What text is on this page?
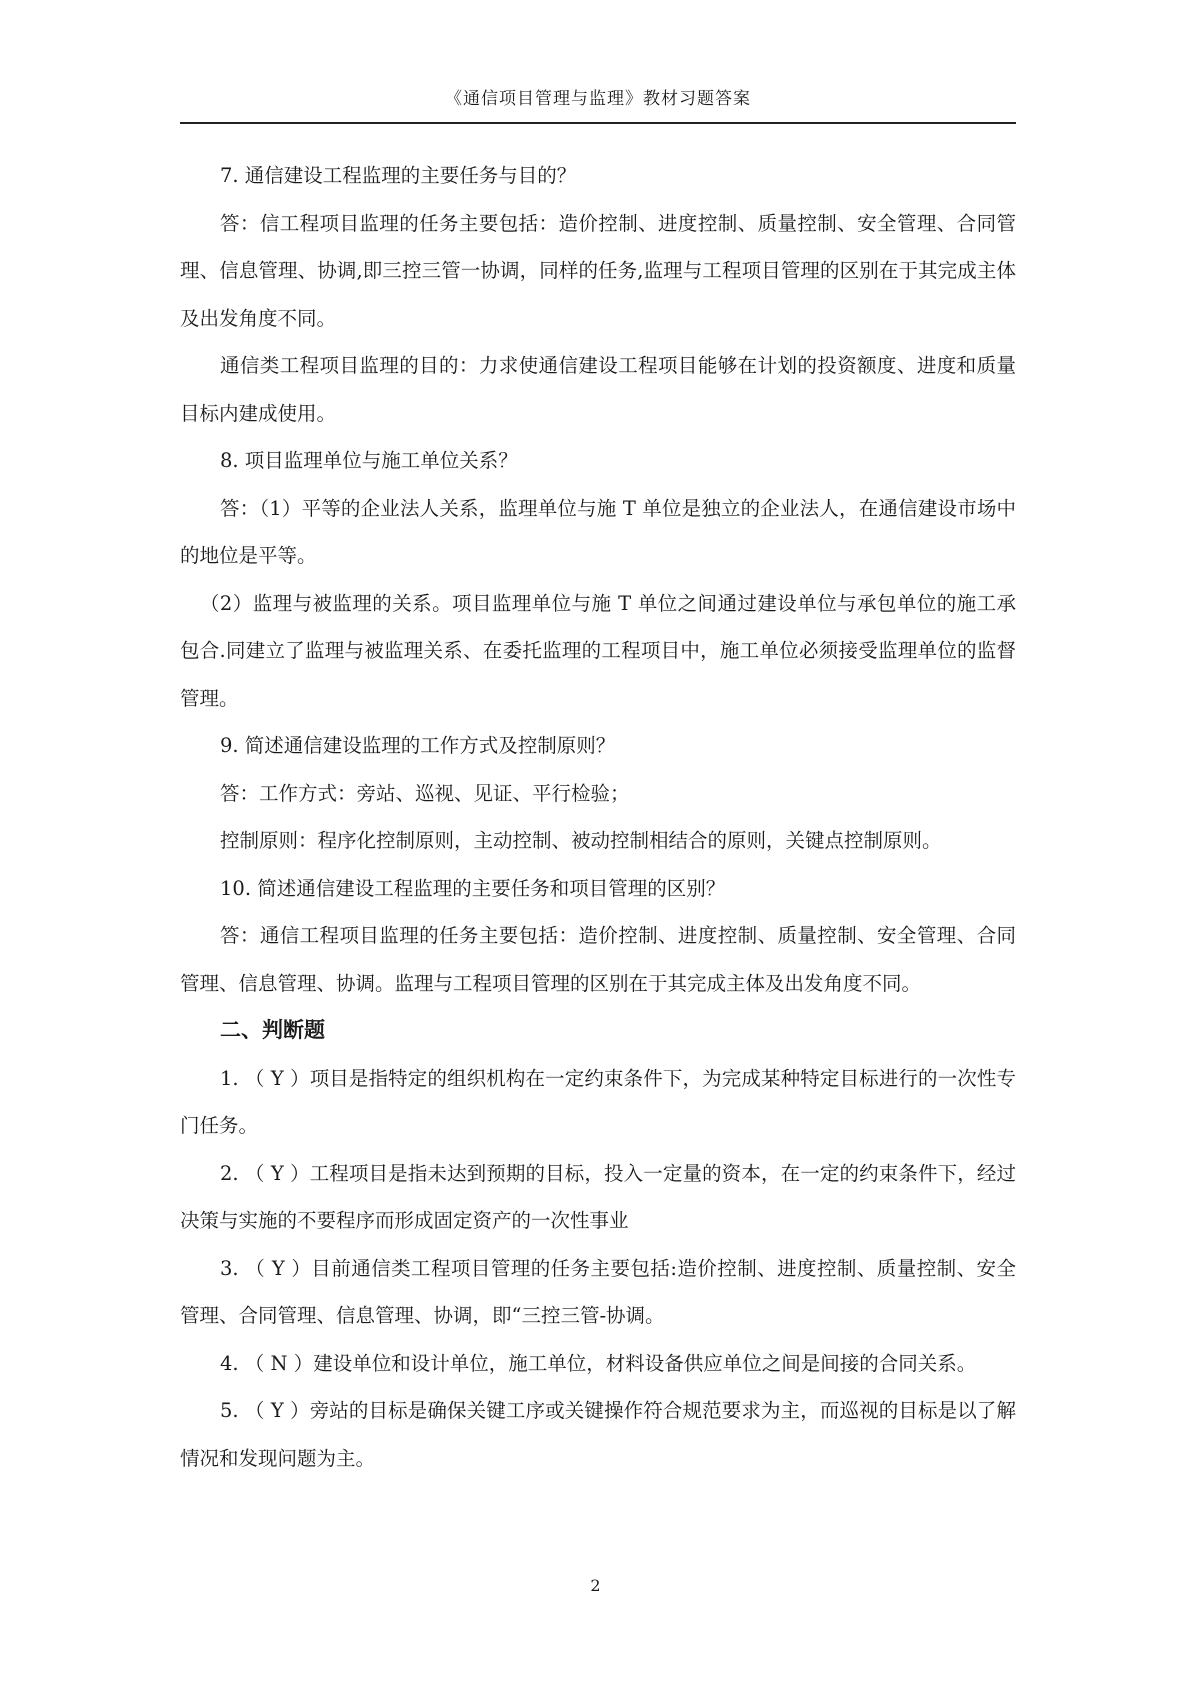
《通信项目管理与监理》教材习题答案

7. 通信建设工程监理的主要任务与目的？

答：信工程项目监理的任务主要包括：造价控制、进度控制、质量控制、安全管理、合同管理、信息管理、协调,即三控三管一协调，同样的任务,监理与工程项目管理的区别在于其完成主体及出发角度不同。

通信类工程项目监理的目的：力求使通信建设工程项目能够在计划的投资额度、进度和质量目标内建成使用。

8. 项目监理单位与施工单位关系？

答：（1）平等的企业法人关系，监理单位与施 T 单位是独立的企业法人，在通信建设市场中的地位是平等。

（2）监理与被监理的关系。项目监理单位与施 T 单位之间通过建设单位与承包单位的施工承包合.同建立了监理与被监理关系、在委托监理的工程项目中，施工单位必须接受监理单位的监督管理。

9. 简述通信建设监理的工作方式及控制原则？

答：工作方式：旁站、巡视、见证、平行检验；

控制原则：程序化控制原则，主动控制、被动控制相结合的原则，关键点控制原则。

10. 简述通信建设工程监理的主要任务和项目管理的区别？

答：通信工程项目监理的任务主要包括：造价控制、进度控制、质量控制、安全管理、合同管理、信息管理、协调。监理与工程项目管理的区别在于其完成主体及出发角度不同。

二、判断题

1. （ Y ）项目是指特定的组织机构在一定约束条件下，为完成某种特定目标进行的一次性专门任务。

2. （ Y ）工程项目是指未达到预期的目标，投入一定量的资本，在一定的约束条件下，经过决策与实施的不要程序而形成固定资产的一次性事业

3. （ Y ）目前通信类工程项目管理的任务主要包括:造价控制、进度控制、质量控制、安全管理、合同管理、信息管理、协调，即“三控三管-协调。

4. （ N ）建设单位和设计单位，施工单位，材料设备供应单位之间是间接的合同关系。

5. （ Y ）旁站的目标是确保关键工序或关键操作符合规范要求为主，而巡视的目标是以了解情况和发现问题为主。

2
